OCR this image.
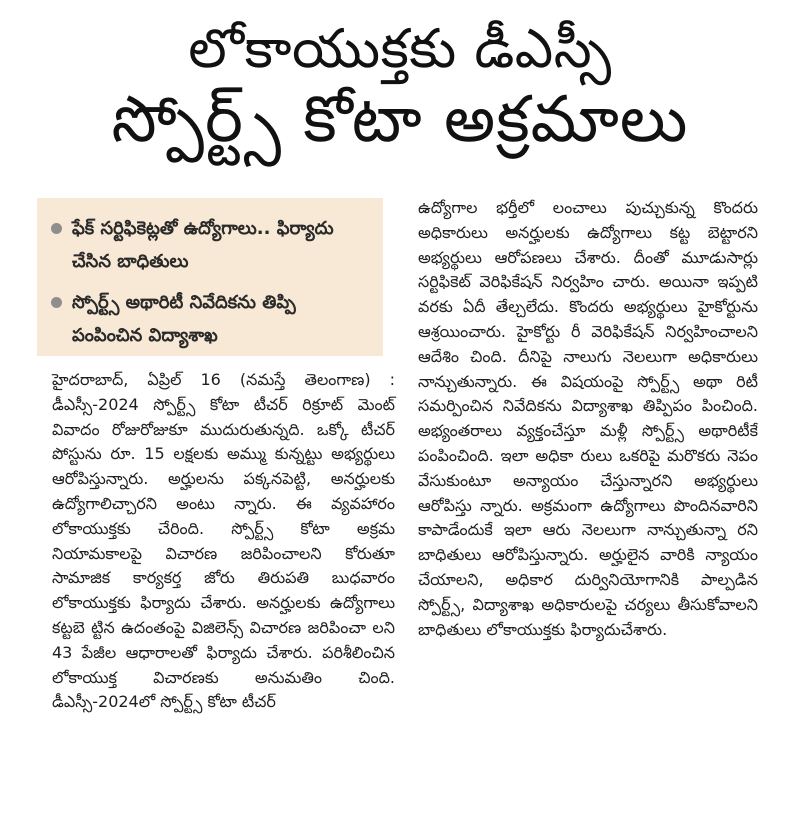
లోకాయుక్తకు డీఎస్సీ
స్పోర్ట్స్ కోటా అక్రమాలు
ఫేక్ సర్టిఫికెట్లతో ఉద్యోగాలు.. ఫిర్యాదు చేసిన బాధితులు
స్పోర్ట్స్ అథారిటీ నివేదికను తిప్పి పంపించిన విద్యాశాఖ

హైదరాబాద్, ఏప్రిల్ 16 (నమస్తే తెలంగాణ) : డీఎస్సీ-2024 స్పోర్ట్స్ కోటా టీచర్ రిక్రూట్ మెంట్ వివాదం రోజురోజుకూ ముదురుతున్నది. ఒక్కో టీచర్ పోస్టును రూ. 15 లక్షలకు అమ్ము కున్నట్టు అభ్యర్థులు ఆరోపిస్తున్నారు. అర్హులను పక్కనపెట్టి, అనర్హులకు ఉద్యోగాలిచ్చారని అంటు న్నారు. ఈ వ్యవహారం లోకాయుక్తకు చేరింది. స్పోర్ట్స్ కోటా అక్రమ నియామకాలపై విచారణ జరిపించాలని కోరుతూ సామాజిక కార్యకర్త జోరు తిరుపతి బుధవారం లోకాయుక్తకు ఫిర్యాదు చేశారు. అనర్హులకు ఉద్యోగాలు కట్టబె ట్టిన ఉదంతంపై విజిలెన్స్ విచారణ జరిపించా లని 43 పేజీల ఆధారాలతో ఫిర్యాదు చేశారు. పరిశీలించిన లోకాయుక్త విచారణకు అనుమతిం చింది. డీఎస్సీ-2024లో స్పోర్ట్స్ కోటా టీచర్

ఉద్యోగాల భర్తీలో లంచాలు పుచ్చుకున్న కొందరు అధికారులు అనర్హులకు ఉద్యోగాలు కట్ట బెట్టారని అభ్యర్థులు ఆరోపణలు చేశారు. దీంతో మూడుసార్లు సర్టిఫికెట్ వెరిఫికేషన్ నిర్వహిం చారు. అయినా ఇప్పటి వరకు ఏదీ తేల్చలేదు. కొందరు అభ్యర్థులు హైకోర్టును ఆశ్రయించారు. హైకోర్టు రీ వెరిఫికేషన్ నిర్వహించాలని ఆదేశిం చింది. దీనిపై నాలుగు నెలలుగా అధికారులు నాన్చుతున్నారు. ఈ విషయంపై స్పోర్ట్స్ అథా రిటీ సమర్పించిన నివేదికను విద్యాశాఖ తిప్పిపం పించింది. అభ్యంతరాలు వ్యక్తంచేస్తూ మళ్లీ స్పోర్ట్స్ అథారిటీకే పంపించింది. ఇలా అధికా రులు ఒకరిపై మరొకరు నెపం వేసుకుంటూ అన్యాయం చేస్తున్నారని అభ్యర్థులు ఆరోపిస్తు న్నారు. అక్రమంగా ఉద్యోగాలు పొందినవారిని కాపాడేందుకే ఇలా ఆరు నెలలుగా నాన్చుతున్నా రని బాధితులు ఆరోపిస్తున్నారు. అర్హులైన వారికి న్యాయం చేయాలని, అధికార దుర్వినియోగానికి పాల్పడిన స్పోర్ట్స్, విద్యాశాఖ అధికారులపై చర్యలు తీసుకోవాలని బాధితులు లోకాయుక్తకు ఫిర్యాదుచేశారు.
